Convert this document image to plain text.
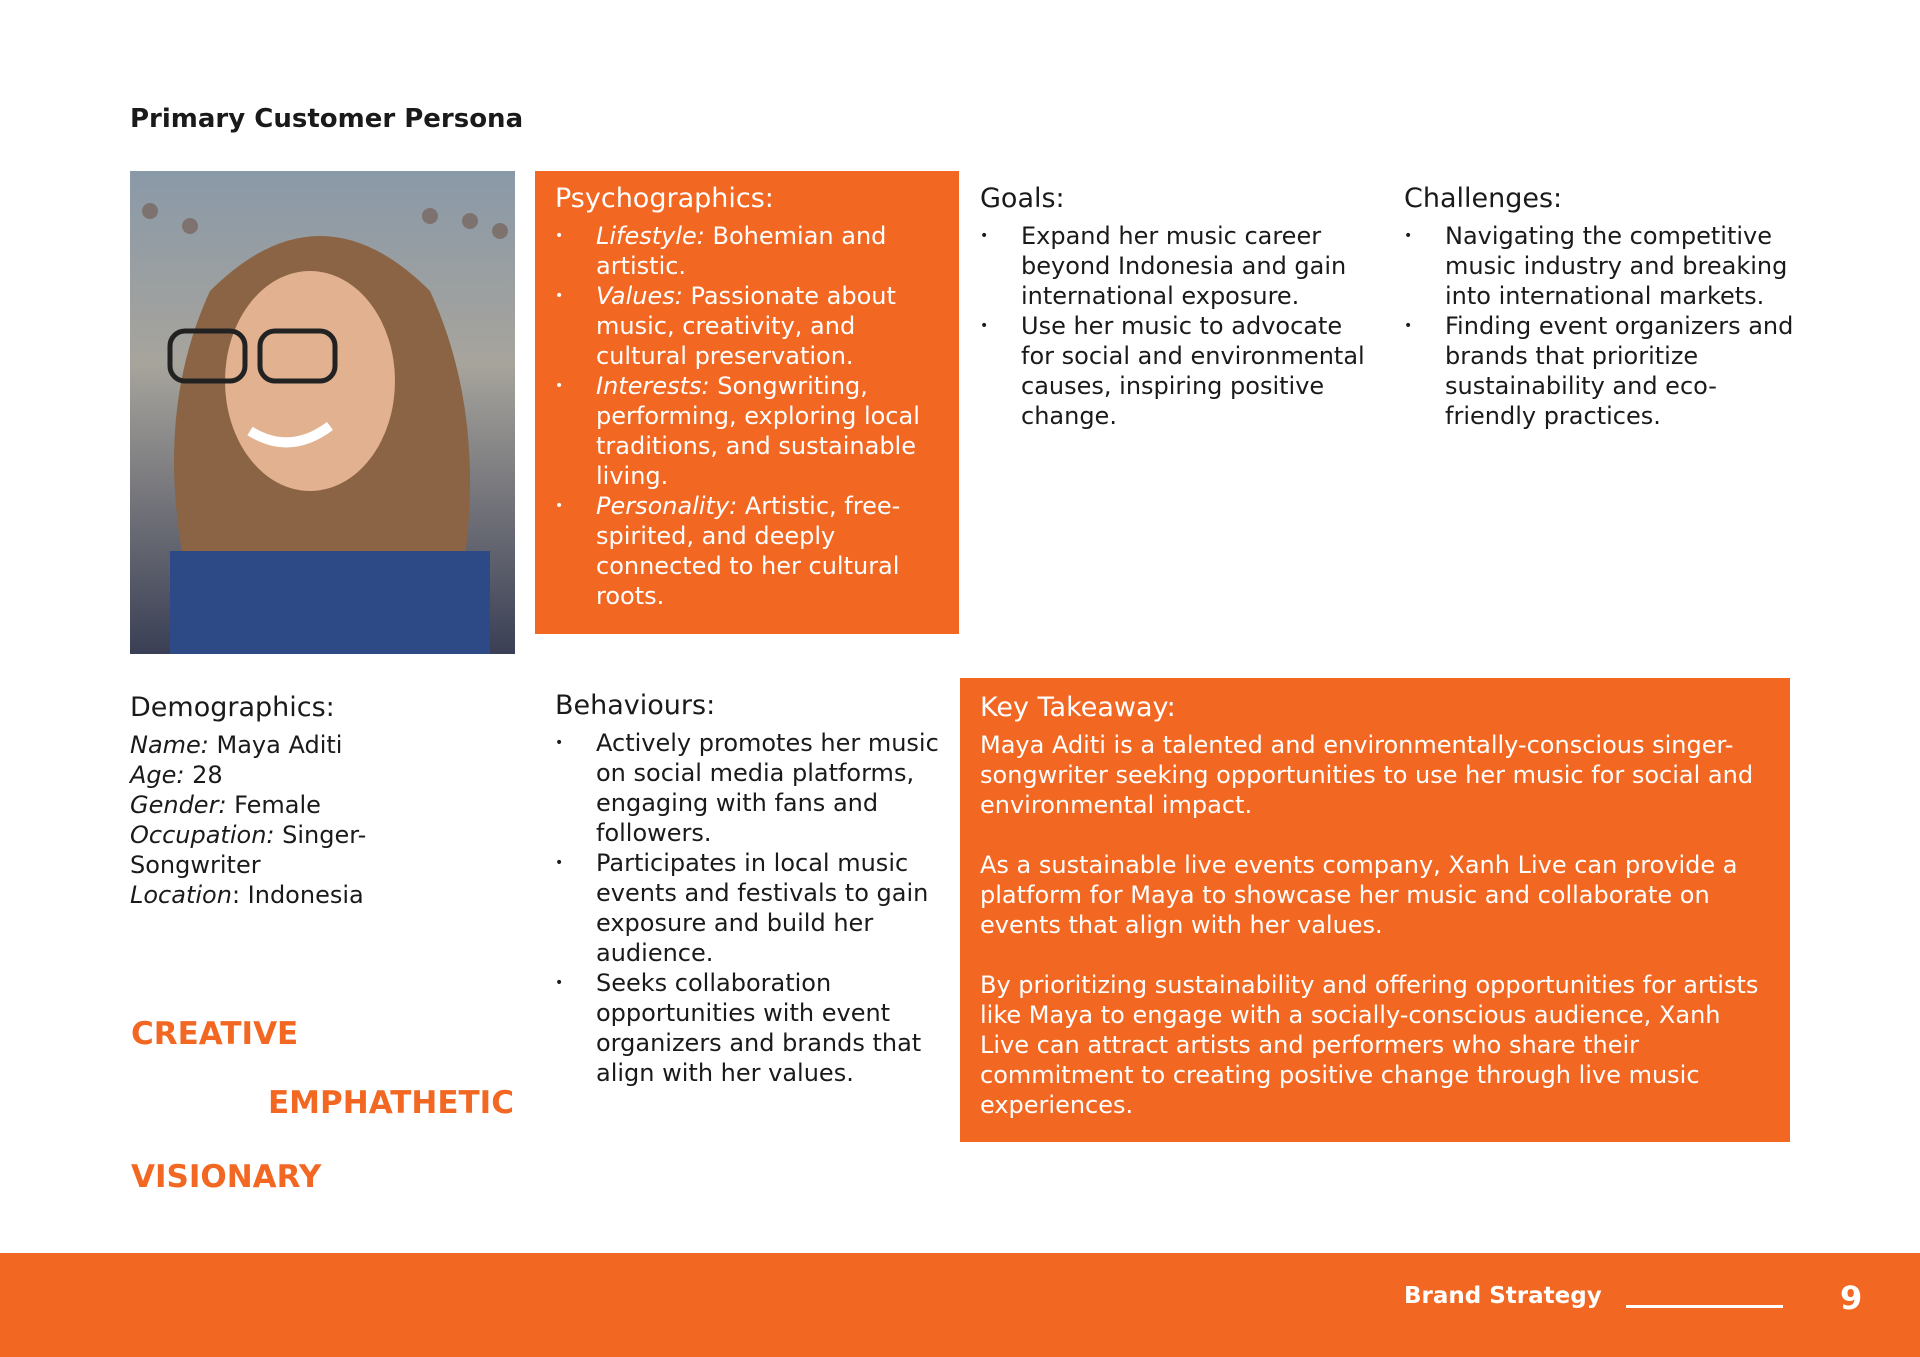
Primary Customer Persona
Psychographics:
• Lifestyle: Bohemian and artistic.
• Values: Passionate about music, creativity, and cultural preservation.
• Interests: Songwriting, performing, exploring local traditions, and sustainable living.
• Personality: Artistic, free-spirited, and deeply connected to her cultural roots.
Goals:
• Expand her music career beyond Indonesia and gain international exposure.
• Use her music to advocate for social and environmental causes, inspiring positive change.
Challenges:
• Navigating the competitive music industry and breaking into international markets.
• Finding event organizers and brands that prioritize sustainability and eco-friendly practices.
Demographics:
Name: Maya Aditi
Age: 28
Gender: Female
Occupation: Singer-Songwriter
Location: Indonesia
Behaviours:
• Actively promotes her music on social media platforms, engaging with fans and followers.
• Participates in local music events and festivals to gain exposure and build her audience.
• Seeks collaboration opportunities with event organizers and brands that align with her values.
Key Takeaway:

Maya Aditi is a talented and environmentally-conscious singer-songwriter seeking opportunities to use her music for social and environmental impact.

As a sustainable live events company, Xanh Live can provide a platform for Maya to showcase her music and collaborate on events that align with her values.

By prioritizing sustainability and offering opportunities for artists like Maya to engage with a socially-conscious audience, Xanh Live can attract artists and performers who share their commitment to creating positive change through live music experiences.

CREATIVE
EMPHATHETIC
VISIONARY
Brand Strategy	9
